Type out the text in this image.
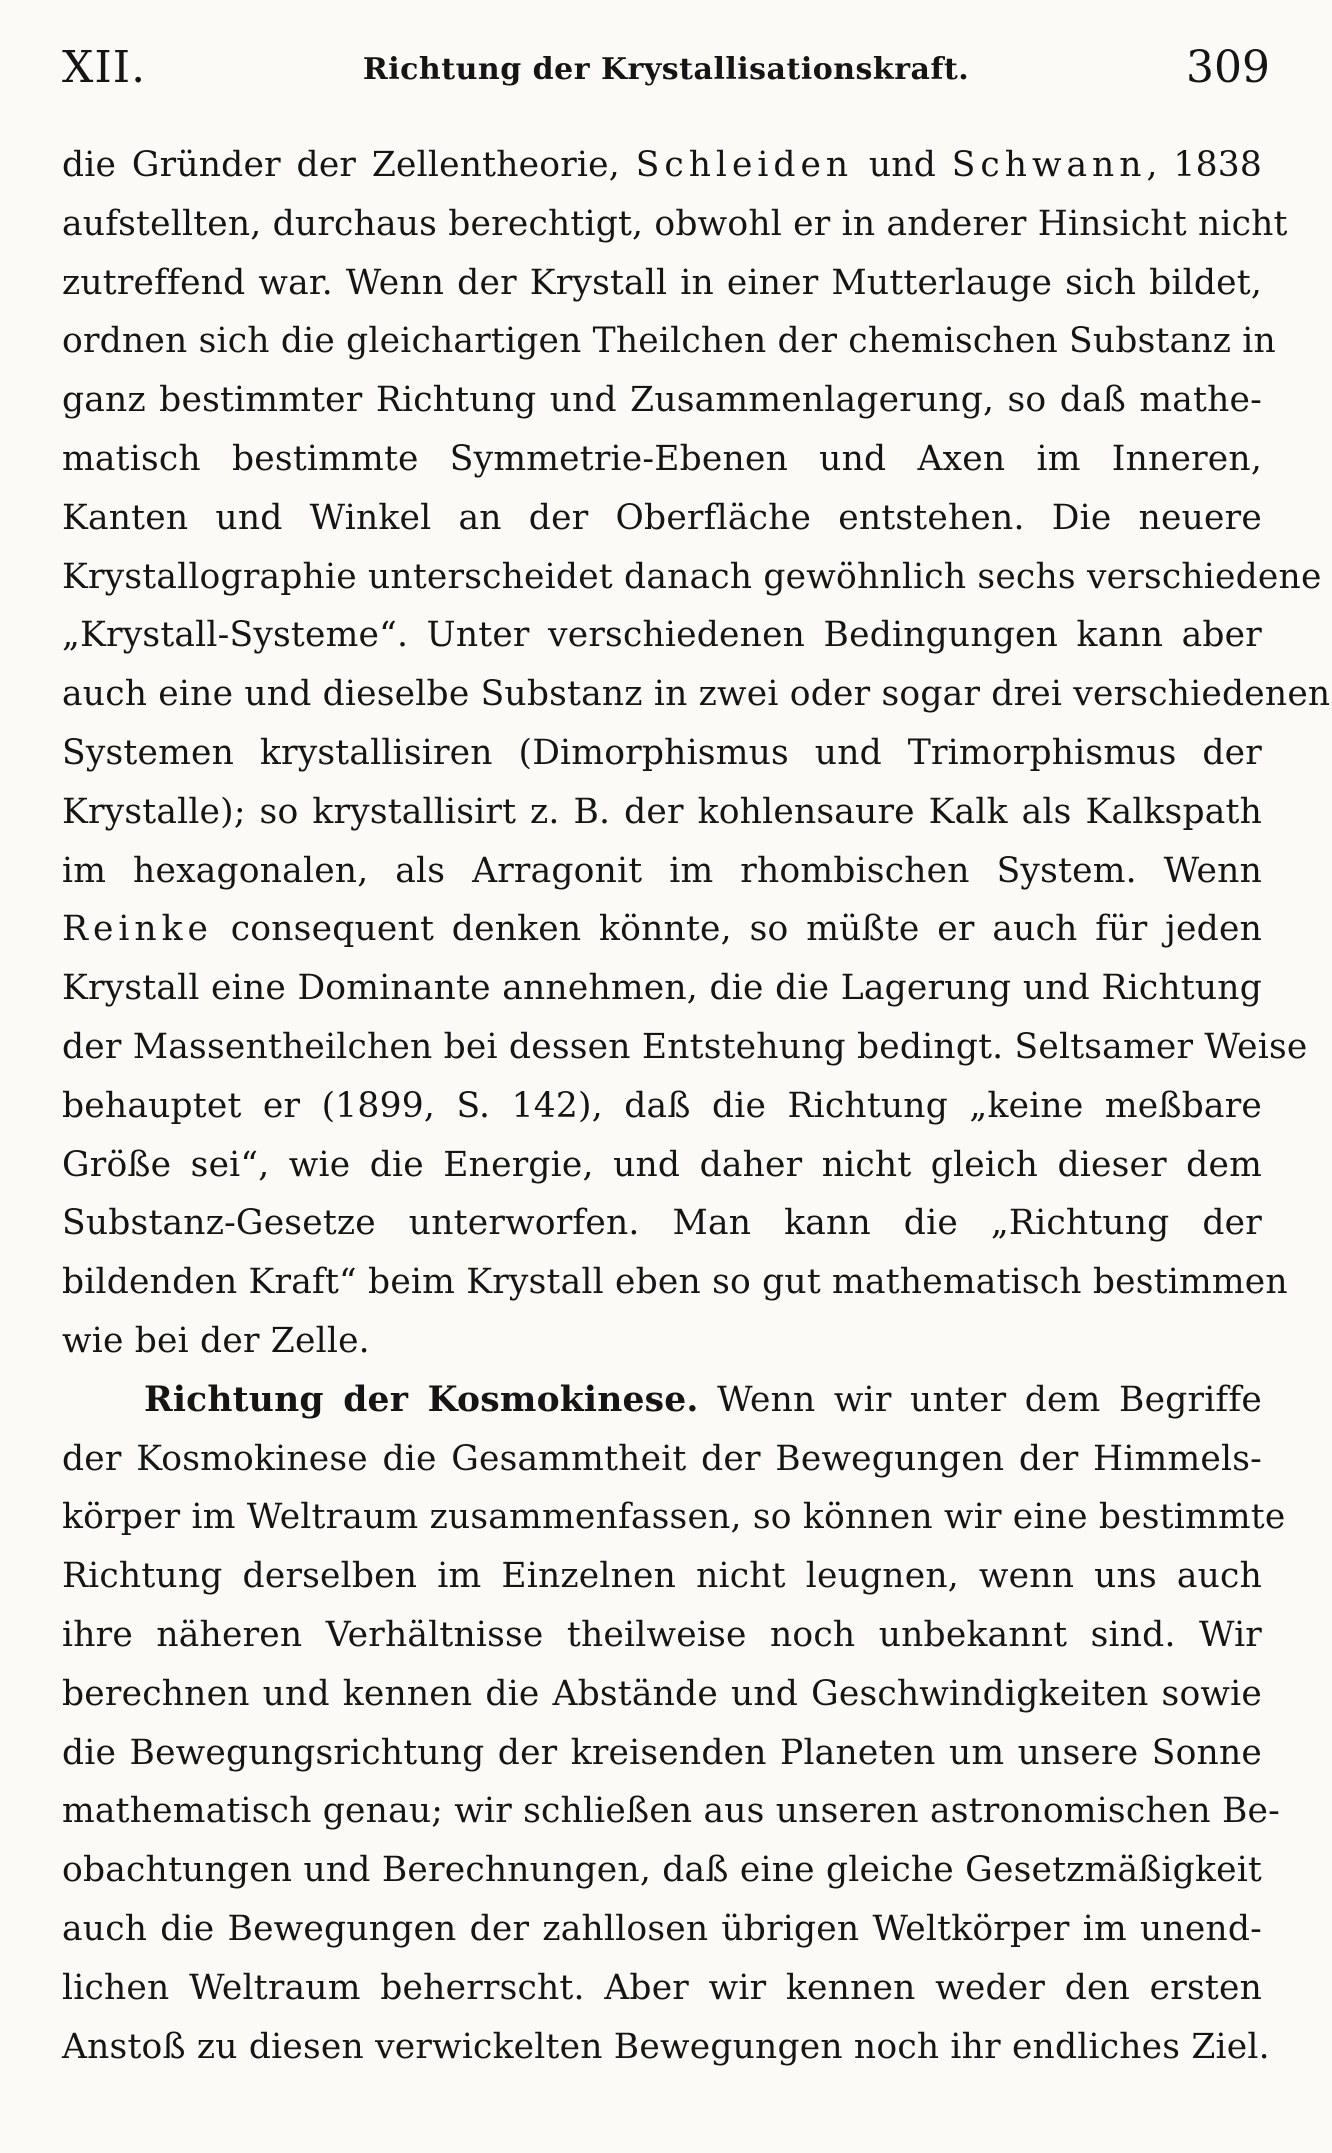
XII.	Richtung der Krystallisationskraft.	309
die Gründer der Zellentheorie, Schleiden und Schwann, 1838
aufstellten, durchaus berechtigt, obwohl er in anderer Hinsicht nicht
zutreffend war. Wenn der Krystall in einer Mutterlauge sich bildet,
ordnen sich die gleichartigen Theilchen der chemischen Substanz in
ganz bestimmter Richtung und Zusammenlagerung, so daß mathe-
matisch bestimmte Symmetrie-Ebenen und Axen im Inneren,
Kanten und Winkel an der Oberfläche entstehen. Die neuere
Krystallographie unterscheidet danach gewöhnlich sechs verschiedene
„Krystall-Systeme“. Unter verschiedenen Bedingungen kann aber
auch eine und dieselbe Substanz in zwei oder sogar drei verschiedenen
Systemen krystallisiren (Dimorphismus und Trimorphismus der
Krystalle); so krystallisirt z. B. der kohlensaure Kalk als Kalkspath
im hexagonalen, als Arragonit im rhombischen System. Wenn
Reinke consequent denken könnte, so müßte er auch für jeden
Krystall eine Dominante annehmen, die die Lagerung und Richtung
der Massentheilchen bei dessen Entstehung bedingt. Seltsamer Weise
behauptet er (1899, S. 142), daß die Richtung „keine meßbare
Größe sei“, wie die Energie, und daher nicht gleich dieser dem
Substanz-Gesetze unterworfen. Man kann die „Richtung der
bildenden Kraft“ beim Krystall eben so gut mathematisch bestimmen
wie bei der Zelle.
Richtung der Kosmokinese. Wenn wir unter dem Begriffe
der Kosmokinese die Gesammtheit der Bewegungen der Himmels-
körper im Weltraum zusammenfassen, so können wir eine bestimmte
Richtung derselben im Einzelnen nicht leugnen, wenn uns auch
ihre näheren Verhältnisse theilweise noch unbekannt sind. Wir
berechnen und kennen die Abstände und Geschwindigkeiten sowie
die Bewegungsrichtung der kreisenden Planeten um unsere Sonne
mathematisch genau; wir schließen aus unseren astronomischen Be-
obachtungen und Berechnungen, daß eine gleiche Gesetzmäßigkeit
auch die Bewegungen der zahllosen übrigen Weltkörper im unend-
lichen Weltraum beherrscht. Aber wir kennen weder den ersten
Anstoß zu diesen verwickelten Bewegungen noch ihr endliches Ziel.
